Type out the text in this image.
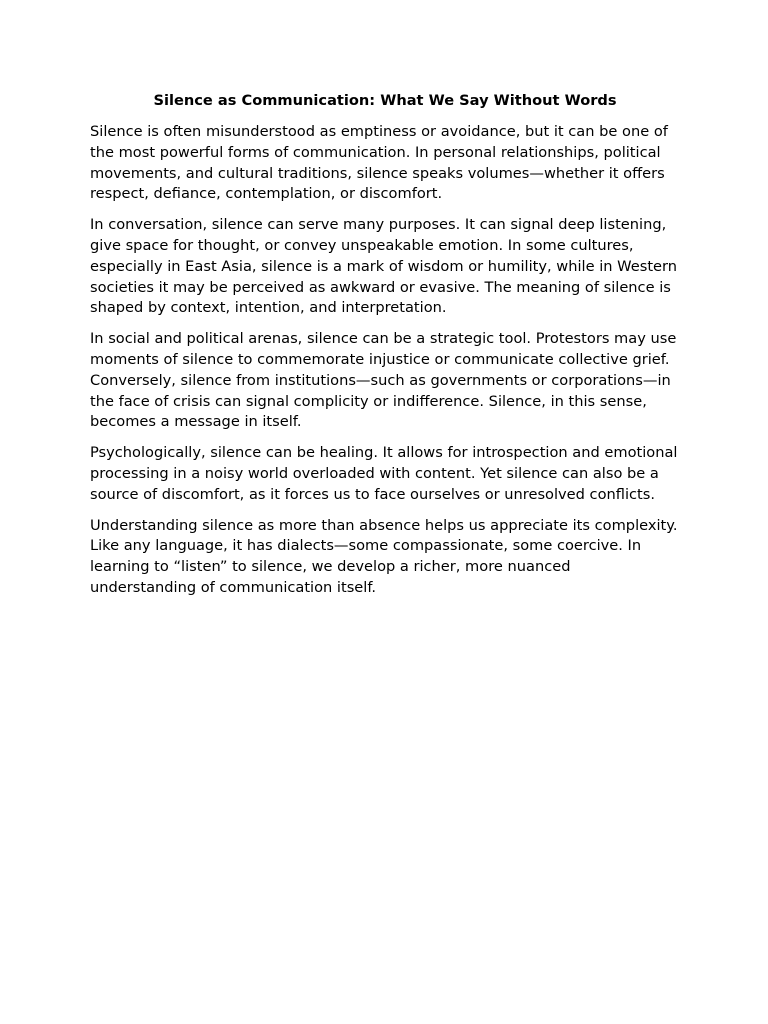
Silence as Communication: What We Say Without Words

Silence is often misunderstood as emptiness or avoidance, but it can be one of the most powerful forms of communication. In personal relationships, political movements, and cultural traditions, silence speaks volumes—whether it offers respect, defiance, contemplation, or discomfort.

In conversation, silence can serve many purposes. It can signal deep listening, give space for thought, or convey unspeakable emotion. In some cultures, especially in East Asia, silence is a mark of wisdom or humility, while in Western societies it may be perceived as awkward or evasive. The meaning of silence is shaped by context, intention, and interpretation.

In social and political arenas, silence can be a strategic tool. Protestors may use moments of silence to commemorate injustice or communicate collective grief. Conversely, silence from institutions—such as governments or corporations—in the face of crisis can signal complicity or indifference. Silence, in this sense, becomes a message in itself.

Psychologically, silence can be healing. It allows for introspection and emotional processing in a noisy world overloaded with content. Yet silence can also be a source of discomfort, as it forces us to face ourselves or unresolved conflicts.

Understanding silence as more than absence helps us appreciate its complexity. Like any language, it has dialects—some compassionate, some coercive. In learning to “listen” to silence, we develop a richer, more nuanced understanding of communication itself.
